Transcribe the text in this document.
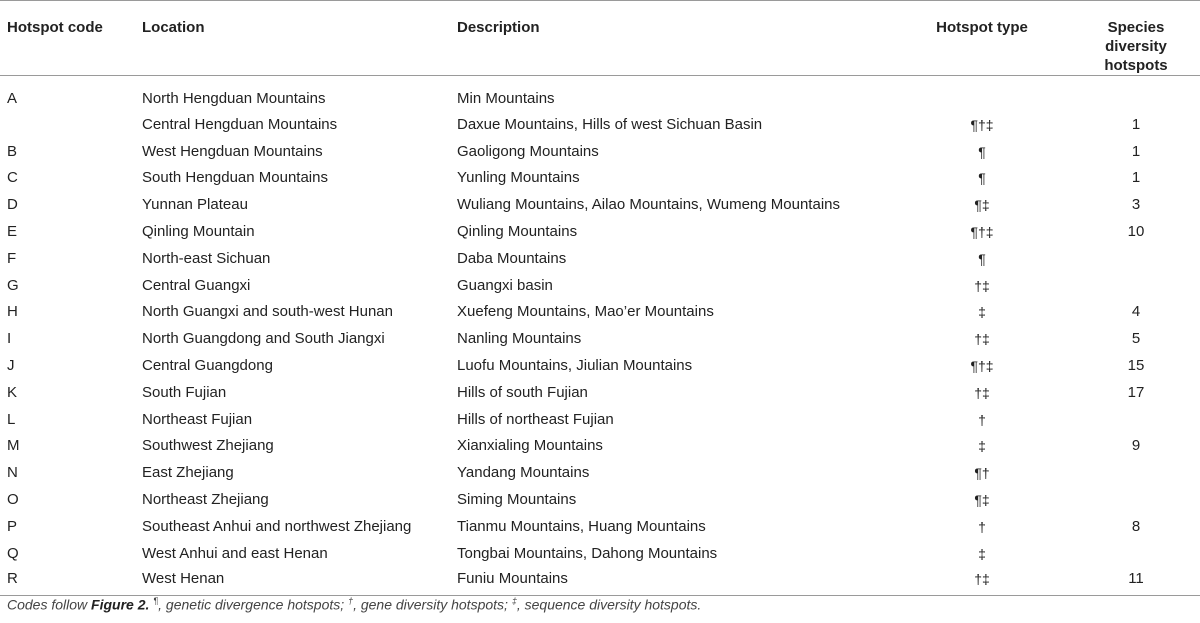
Hotspot code	Location	Description	Hotspot type	Species diversity
hotspots
A	North Hengduan Mountains	Min Mountains		
	Central Hengduan Mountains	Daxue Mountains, Hills of west Sichuan Basin	¶†‡	1
B	West Hengduan Mountains	Gaoligong Mountains	¶	1
C	South Hengduan Mountains	Yunling Mountains	¶	1
D	Yunnan Plateau	Wuliang Mountains, Ailao Mountains, Wumeng Mountains	¶‡	3
E	Qinling Mountain	Qinling Mountains	¶†‡	10
F	North-east Sichuan	Daba Mountains	¶	
G	Central Guangxi	Guangxi basin	†‡	
H	North Guangxi and south-west Hunan	Xuefeng Mountains, Mao’er Mountains	‡	4
I	North Guangdong and South Jiangxi	Nanling Mountains	†‡	5
J	Central Guangdong	Luofu Mountains, Jiulian Mountains	¶†‡	15
K	South Fujian	Hills of south Fujian	†‡	17
L	Northeast Fujian	Hills of northeast Fujian	†	
M	Southwest Zhejiang	Xianxialing Mountains	‡	9
N	East Zhejiang	Yandang Mountains	¶†	
O	Northeast Zhejiang	Siming Mountains	¶‡	
P	Southeast Anhui and northwest Zhejiang	Tianmu Mountains, Huang Mountains	†	8
Q	West Anhui and east Henan	Tongbai Mountains, Dahong Mountains	‡	
R	West Henan	Funiu Mountains	†‡	11
Codes follow Figure 2. ¶, genetic divergence hotspots; †, gene diversity hotspots; ‡, sequence diversity hotspots.
